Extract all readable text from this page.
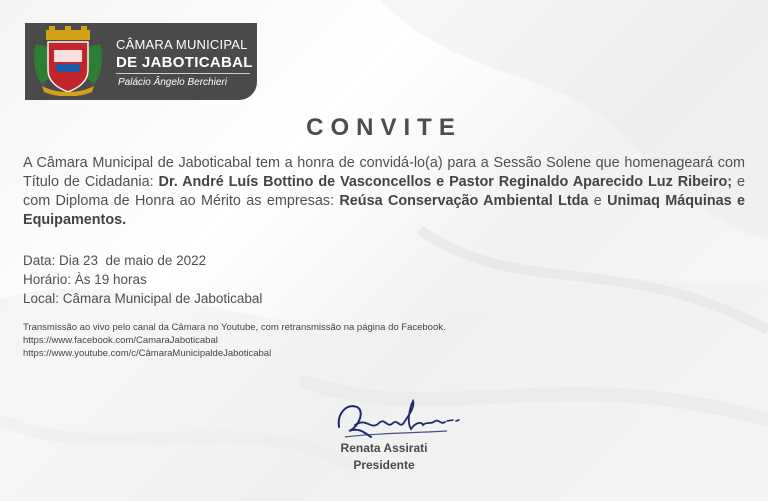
CÂMARA MUNICIPAL
DE JABOTICABAL
Palácio Ângelo Berchieri
CONVITE
A Câmara Municipal de Jaboticabal tem a honra de convidá-lo(a) para a Sessão Solene que homenageará com Título de Cidadania: Dr. André Luís Bottino de Vasconcellos e Pastor Reginaldo Aparecido Luz Ribeiro; e com Diploma de Honra ao Mérito as empresas: Reúsa Conservação Ambiental Ltda e Unimaq Máquinas e Equipamentos.
Data: Dia 23  de maio de 2022
Horário: Às 19 horas
Local: Câmara Municipal de Jaboticabal
Transmissão ao vivo pelo canal da Câmara no Youtube, com retransmissão na página do Facebook.
https://www.facebook.com/CamaraJaboticabal
https://www.youtube.com/c/CâmaraMunicipaldeJaboticabal
Renata Assirati
Presidente
